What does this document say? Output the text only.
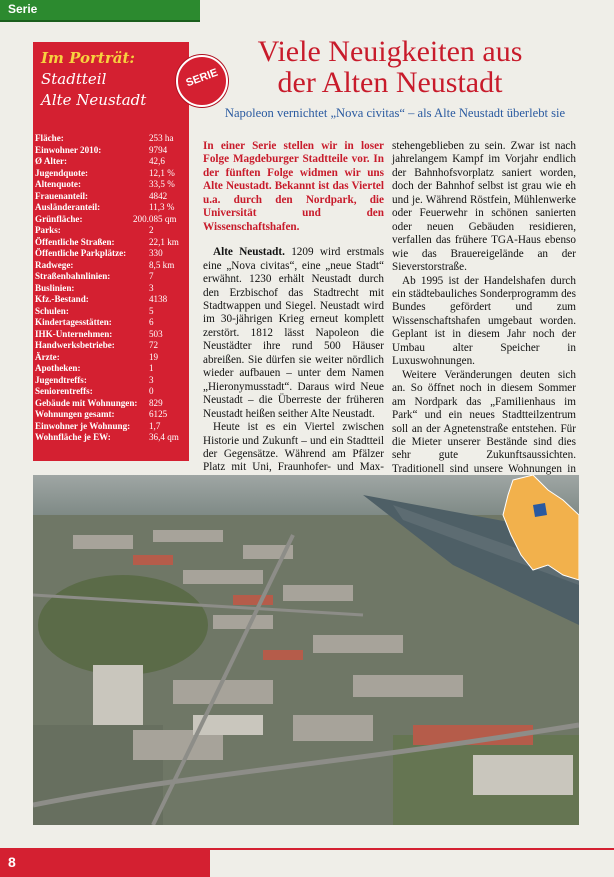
Serie
Im Porträt:
Stadtteil
Alte Neustadt
Fläche:	253 ha
Einwohner 2010:	9794
Ø Alter:	42,6
Jugendquote:	12,1 %
Altenquote:	33,5 %
Frauenanteil:	4842
Ausländeranteil:	11,3 %
Grünfläche:	200.085 qm
Parks:	2
Öffentliche Straßen:	22,1 km
Öffentliche Parkplätze:	330
Radwege:	8,5 km
Straßenbahnlinien:	7
Buslinien:	3
Kfz.-Bestand:	4138
Schulen:	5
Kindertagesstätten:	6
IHK-Unternehmen:	503
Handwerksbetriebe:	72
Ärzte:	19
Apotheken:	1
Jugendtreffs:	3
Seniorentreffs:	0
Gebäude mit Wohnungen: 829
Wohnungen gesamt:	6125
Einwohner je Wohnung: 1,7
Wohnfläche je EW:	36,4 qm
SERIE
Viele Neuigkeiten aus
der Alten Neustadt
Napoleon vernichtet „Nova civitas“ – als Alte Neustadt überlebt sie

In einer Serie stellen wir in loser Folge Magdeburger Stadtteile vor. In der fünften Folge widmen wir uns Alte Neustadt. Bekannt ist das Viertel u.a. durch den Nordpark, die Universität und den Wissenschaftshafen.

Alte Neustadt. 1209 wird erstmals eine „Nova civitas“, eine „neue Stadt“ erwähnt. 1230 erhält Neustadt durch den Erzbischof das Stadtrecht mit Stadtwappen und Siegel. Neustadt wird im 30-jährigen Krieg erneut komplett zerstört. 1812 lässt Napoleon die Neustädter ihre rund 500 Häuser abreißen. Sie dürfen sie weiter nördlich wieder aufbauen – unter dem Namen „Hieronymusstadt“. Daraus wird Neue Neustadt – die Überreste der früheren Neustadt heißen seither Alte Neustadt.

Heute ist es ein Viertel zwischen Historie und Zukunft – und ein Stadtteil der Gegensätze. Während am Pfälzer Platz mit Uni, Fraunhofer- und Max-

stehengeblieben zu sein. Zwar ist nach jahrelangem Kampf im Vorjahr endlich der Bahnhofsvorplatz saniert worden, doch der Bahnhof selbst ist grau wie eh und je. Während Röstfein, Mühlenwerke oder Feuerwehr in schönen sanierten oder neuen Gebäuden residieren, verfallen das frühere TGA-Haus ebenso wie das Brauereigelände an der Sieverstorstraße.

Ab 1995 ist der Handelshafen durch ein städtebauliches Sonderprogramm des Bundes gefördert und zum Wissenschaftshafen umgebaut worden. Geplant ist in diesem Jahr noch der Umbau alter Speicher in Luxuswohnungen.

Weitere Veränderungen deuten sich an. So öffnet noch in diesem Sommer am Nordpark das „Familienhaus im Park“ und ein neues Stadtteilzentrum soll an der Agnetenstraße entstehen. Für die Mieter unserer Bestände sind dies sehr gute Zukunftsaussichten. Traditionell sind unsere Wohnungen in

8
